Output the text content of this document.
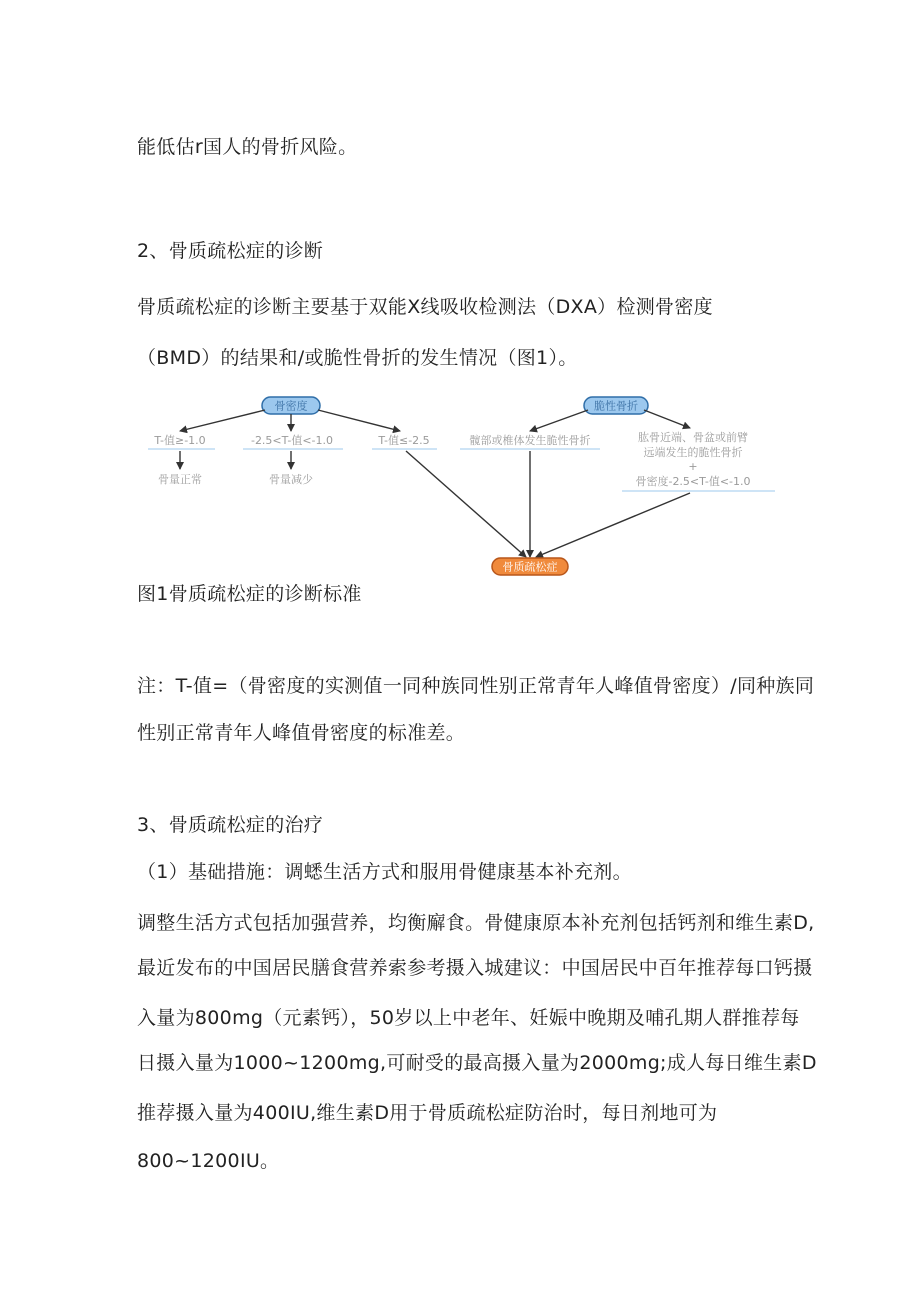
能低估r国人的骨折风险。
2、骨质疏松症的诊断
骨质疏松症的诊断主要基于双能X线吸收检测法（DXA）检测骨密度
（BMD）的结果和/或脆性骨折的发生情况（图1）。
骨密度	脆性骨折
T-值≥-1.0	-2.5<T-值<-1.0	T-值≤-2.5	髋部或椎体发生脆性骨折	肱骨近端、骨盆或前臂
远端发生的脆性骨折
+
骨密度-2.5<T-值<-1.0
骨量正常	骨量减少
骨质疏松症
图1骨质疏松症的诊断标准
注：T-值=（骨密度的实测值一同种族同性别正常青年人峰值骨密度）/同种族同
性别正常青年人峰值骨密度的标准差。
3、骨质疏松症的治疗
（1）基础措施：调蟋生活方式和服用骨健康基本补充剂。
调整生活方式包括加强营养，均衡廨食。骨健康原本补充剂包括钙剂和维生素D,
最近发布的中国居民膳食营养索参考摄入城建议：中国居民中百年推荐每口钙摄
入量为800mg（元素钙），50岁以上中老年、妊娠中晚期及哺孔期人群推荐每
日摄入量为1000~1200mg,可耐受的最高摄入量为2000mg;成人每日维生素D
推荐摄入量为400IU,维生素D用于骨质疏松症防治时，每日剂地可为
800~1200IU。
